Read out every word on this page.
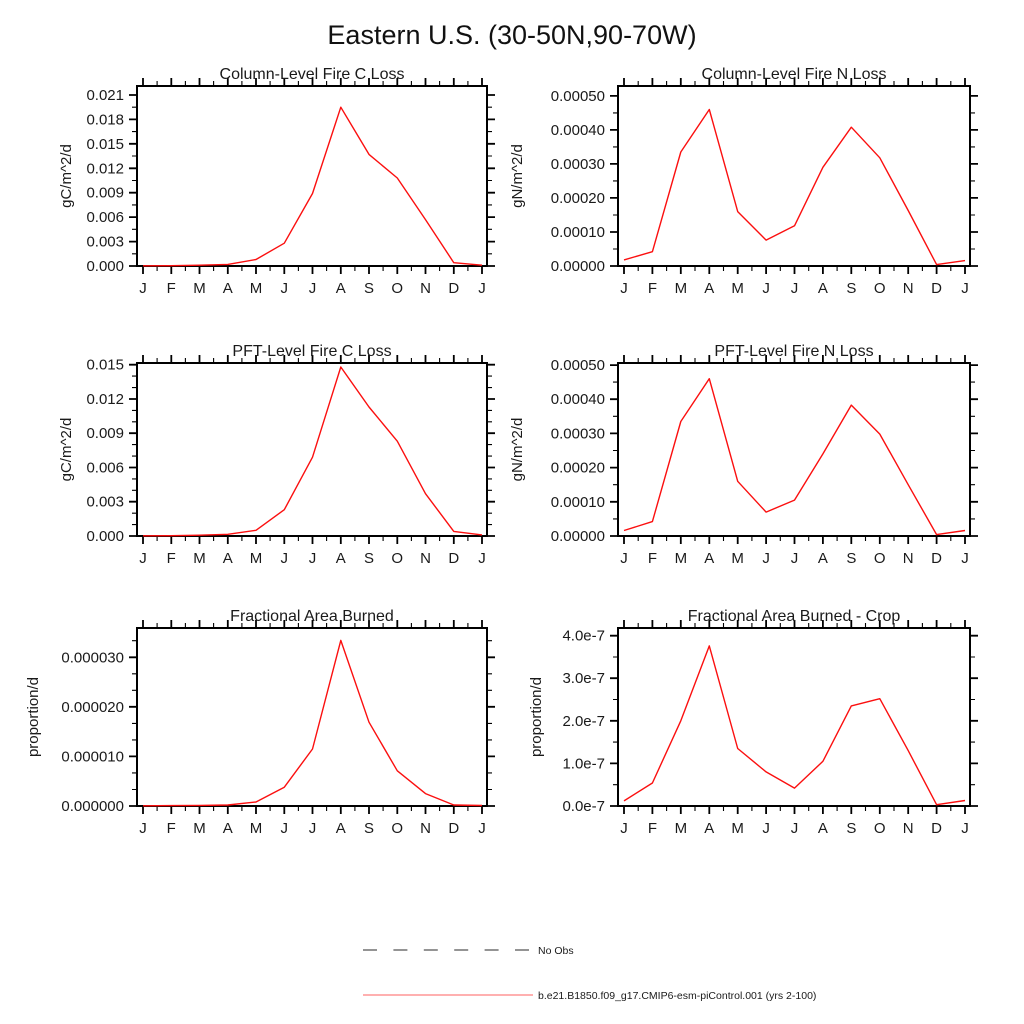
Eastern U.S. (30-50N,90-70W)
0.000
0.003
0.006
0.009
0.012
0.015
0.018
0.021
J F M A M J J A S O N D J
Column-Level Fire C Loss
gC/m^2/d
0.00000
0.00010
0.00020
0.00030
0.00040
0.00050
J F M A M J J A S O N D J
Column-Level Fire N Loss
gN/m^2/d
0.000
0.003
0.006
0.009
0.012
0.015
J F M A M J J A S O N D J
PFT-Level Fire C Loss
gC/m^2/d
0.00000
0.00010
0.00020
0.00030
0.00040
0.00050
J F M A M J J A S O N D J
PFT-Level Fire N Loss
gN/m^2/d
0.000000
0.000010
0.000020
0.000030
J F M A M J J A S O N D J
Fractional Area Burned
proportion/d
0.0e-7
1.0e-7
2.0e-7
3.0e-7
4.0e-7
J F M A M J J A S O N D J
Fractional Area Burned - Crop
proportion/d
No Obs
b.e21.B1850.f09_g17.CMIP6-esm-piControl.001 (yrs 2-100)
